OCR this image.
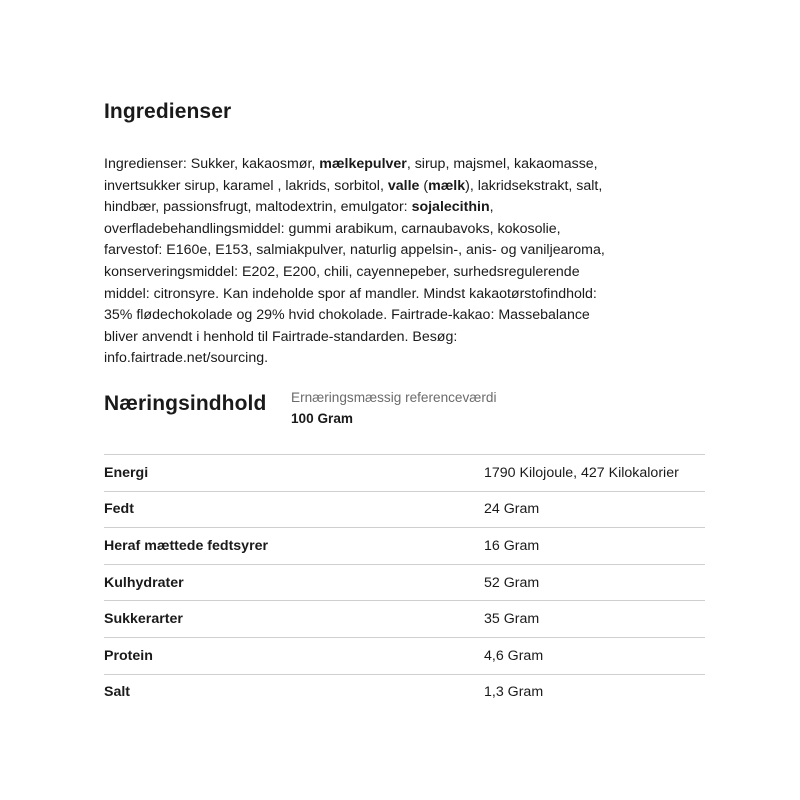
Ingredienser

Ingredienser: Sukker, kakaosmør, mælkepulver, sirup, majsmel, kakaomasse, invertsukker sirup, karamel , lakrids, sorbitol, valle (mælk), lakridsekstrakt, salt, hindbær, passionsfrugt, maltodextrin, emulgator: sojalecithin, overfladebehandlingsmiddel: gummi arabikum, carnaubavoks, kokosolie, farvestof: E160e, E153, salmiakpulver, naturlig appelsin-, anis- og vaniljearoma, konserveringsmiddel: E202, E200, chili, cayennepeber, surhedsregulerende middel: citronsyre. Kan indeholde spor af mandler. Mindst kakaotørstofindhold: 35% flødechokolade og 29% hvid chokolade. Fairtrade-kakao: Massebalance bliver anvendt i henhold til Fairtrade-standarden. Besøg: info.fairtrade.net/sourcing.

Næringsindhold Ernæringsmæssig referenceværdi
100 Gram
Energi	1790 Kilojoule, 427 Kilokalorier
Fedt	24 Gram
Heraf mættede fedtsyrer	16 Gram
Kulhydrater	52 Gram
Sukkerarter	35 Gram
Protein	4,6 Gram
Salt	1,3 Gram
